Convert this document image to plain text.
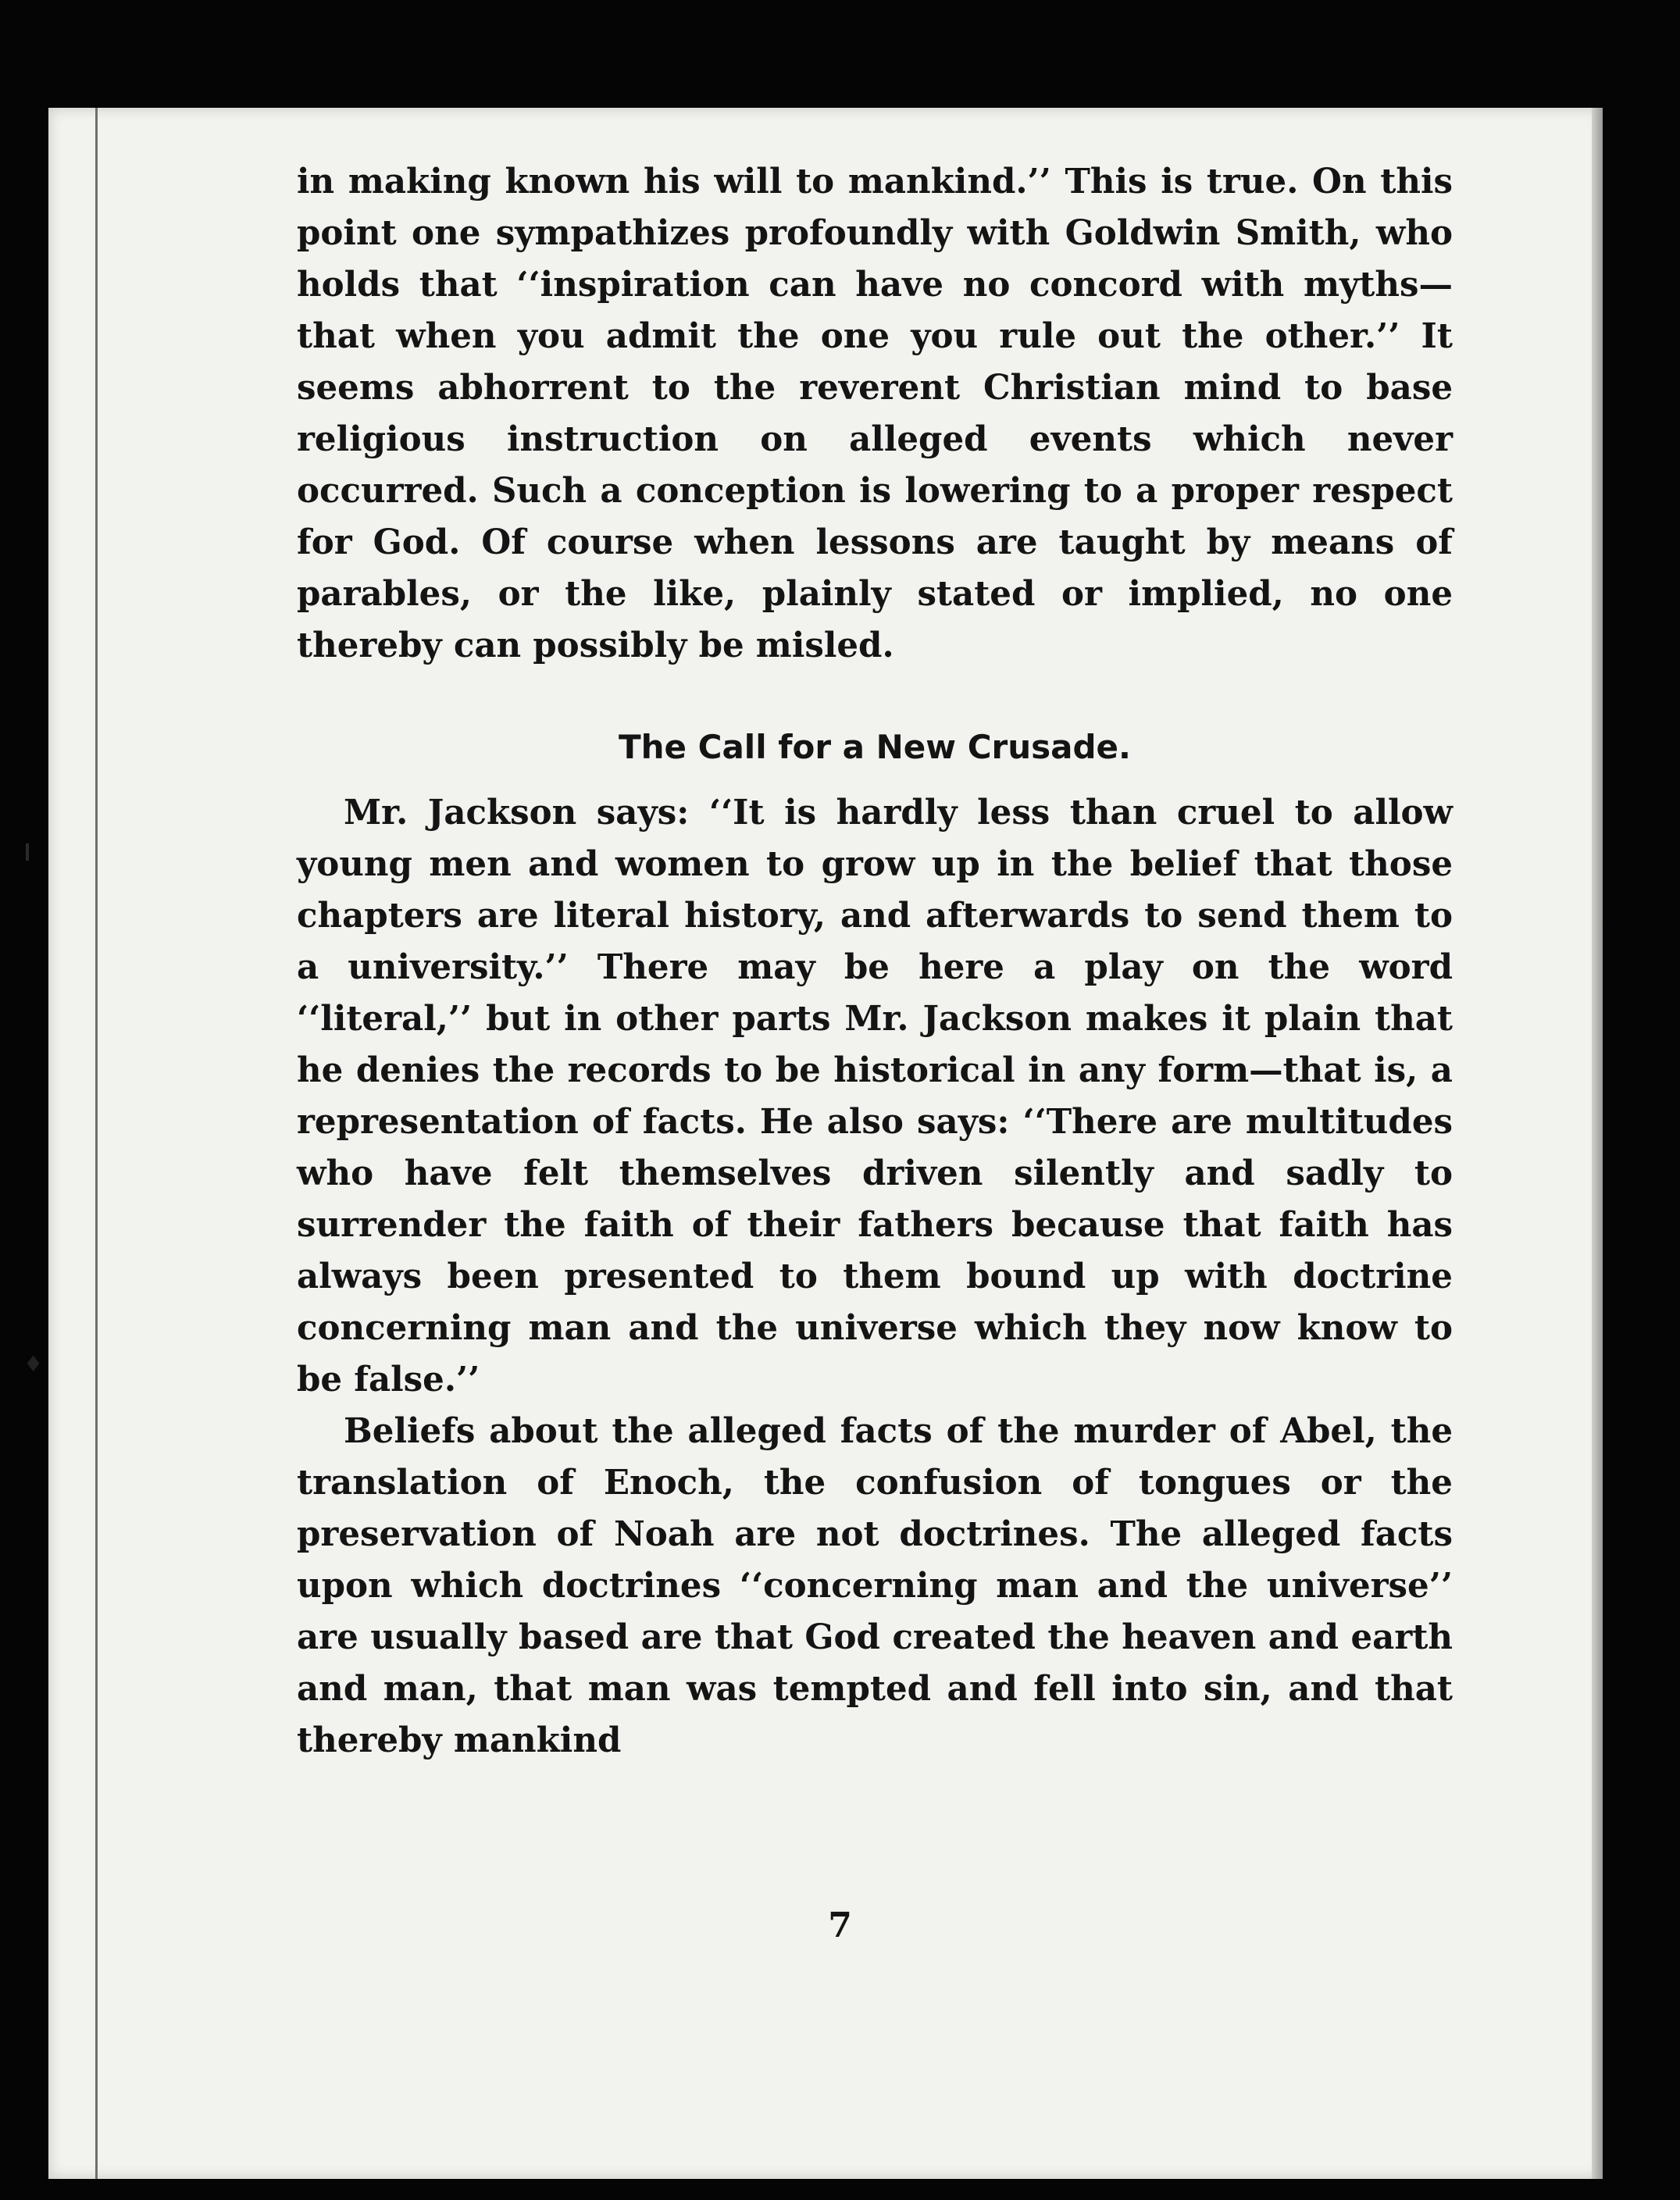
♦

in making known his will to mankind.’’ This is true. On this point one sympathizes profoundly with Goldwin Smith, who holds that ‘‘inspiration can have no concord with myths—that when you admit the one you rule out the other.’’ It seems abhorrent to the reverent Christian mind to base religious instruction on alleged events which never occurred. Such a conception is lowering to a proper respect for God. Of course when lessons are taught by means of parables, or the like, plainly stated or implied, no one thereby can possibly be misled.

The Call for a New Crusade.

Mr. Jackson says: ‘‘It is hardly less than cruel to allow young men and women to grow up in the belief that those chapters are literal history, and afterwards to send them to a university.’’ There may be here a play on the word ‘‘literal,’’ but in other parts Mr. Jackson makes it plain that he denies the records to be historical in any form—that is, a representation of facts. He also says: ‘‘There are multitudes who have felt themselves driven silently and sadly to surrender the faith of their fathers because that faith has always been presented to them bound up with doctrine concerning man and the universe which they now know to be false.’’

Beliefs about the alleged facts of the murder of Abel, the translation of Enoch, the confusion of tongues or the preservation of Noah are not doctrines. The alleged facts upon which doctrines ‘‘concerning man and the universe’’ are usually based are that God created the heaven and earth and man, that man was tempted and fell into sin, and that thereby mankind

7
